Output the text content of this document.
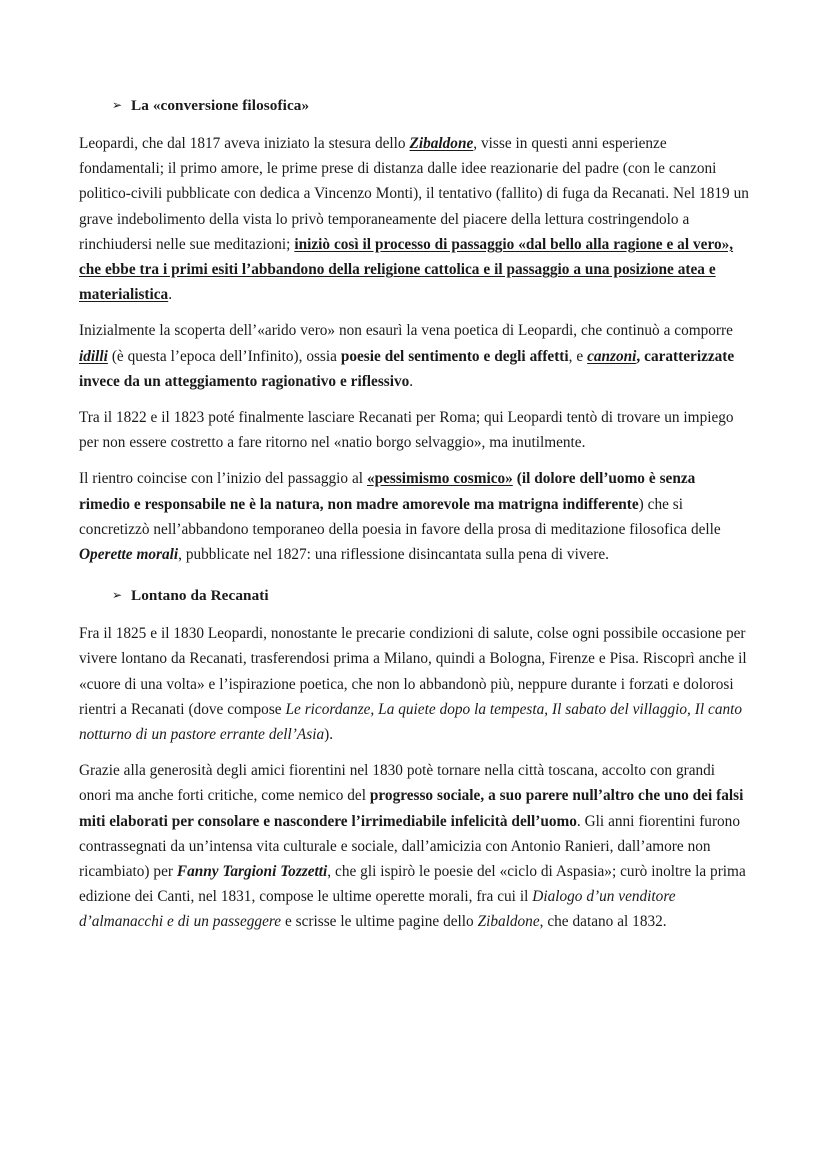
➢ La «conversione filosofica»

Leopardi, che dal 1817 aveva iniziato la stesura dello Zibaldone, visse in questi anni esperienze fondamentali; il primo amore, le prime prese di distanza dalle idee reazionarie del padre (con le canzoni politico-civili pubblicate con dedica a Vincenzo Monti), il tentativo (fallito) di fuga da Recanati. Nel 1819 un grave indebolimento della vista lo privò temporaneamente del piacere della lettura costringendolo a rinchiudersi nelle sue meditazioni; iniziò così il processo di passaggio «dal bello alla ragione e al vero», che ebbe tra i primi esiti l’abbandono della religione cattolica e il passaggio a una posizione atea e materialistica.

Inizialmente la scoperta dell’«arido vero» non esaurì la vena poetica di Leopardi, che continuò a comporre idilli (è questa l’epoca dell’Infinito), ossia poesie del sentimento e degli affetti, e canzoni, caratterizzate invece da un atteggiamento ragionativo e riflessivo.

Tra il 1822 e il 1823 poté finalmente lasciare Recanati per Roma; qui Leopardi tentò di trovare un impiego per non essere costretto a fare ritorno nel «natio borgo selvaggio», ma inutilmente.

Il rientro coincise con l’inizio del passaggio al «pessimismo cosmico» (il dolore dell’uomo è senza rimedio e responsabile ne è la natura, non madre amorevole ma matrigna indifferente) che si concretizzò nell’abbandono temporaneo della poesia in favore della prosa di meditazione filosofica delle Operette morali, pubblicate nel 1827: una riflessione disincantata sulla pena di vivere.

➢ Lontano da Recanati

Fra il 1825 e il 1830 Leopardi, nonostante le precarie condizioni di salute, colse ogni possibile occasione per vivere lontano da Recanati, trasferendosi prima a Milano, quindi a Bologna, Firenze e Pisa. Riscoprì anche il «cuore di una volta» e l’ispirazione poetica, che non lo abbandonò più, neppure durante i forzati e dolorosi rientri a Recanati (dove compose Le ricordanze, La quiete dopo la tempesta, Il sabato del villaggio, Il canto notturno di un pastore errante dell’Asia).

Grazie alla generosità degli amici fiorentini nel 1830 potè tornare nella città toscana, accolto con grandi onori ma anche forti critiche, come nemico del progresso sociale, a suo parere null’altro che uno dei falsi miti elaborati per consolare e nascondere l’irrimediabile infelicità dell’uomo. Gli anni fiorentini furono contrassegnati da un’intensa vita culturale e sociale, dall’amicizia con Antonio Ranieri, dall’amore non ricambiato) per Fanny Targioni Tozzetti, che gli ispirò le poesie del «ciclo di Aspasia»; curò inoltre la prima edizione dei Canti, nel 1831, compose le ultime operette morali, fra cui il Dialogo d’un venditore d’almanacchi e di un passeggere e scrisse le ultime pagine dello Zibaldone, che datano al 1832.
